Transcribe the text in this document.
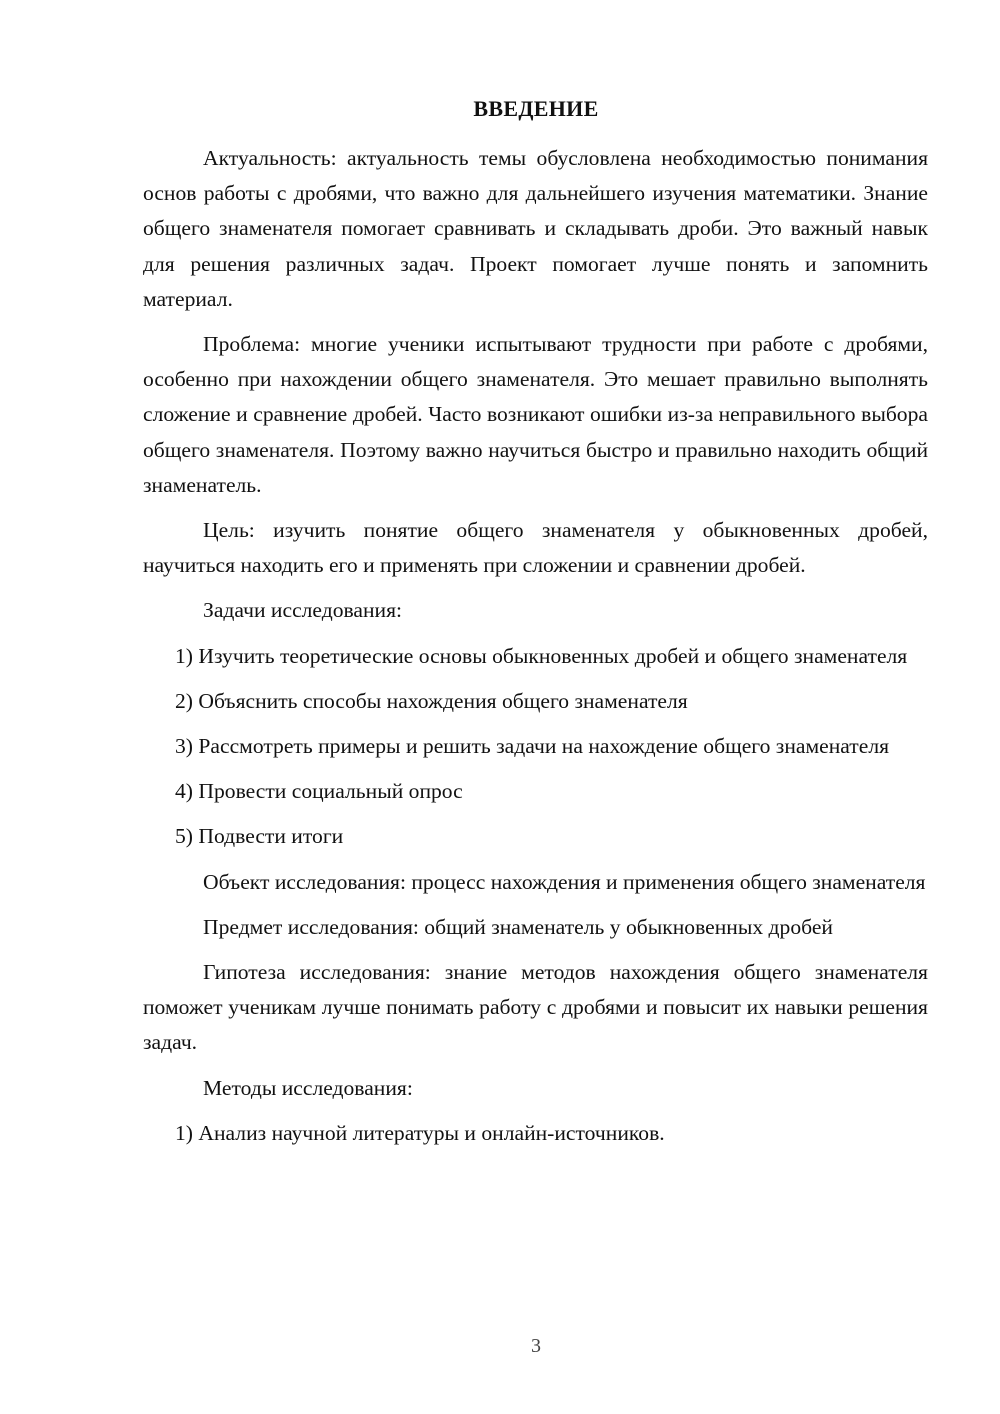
ВВЕДЕНИЕ

Актуальность: актуальность темы обусловлена необходимостью понимания основ работы с дробями, что важно для дальнейшего изучения математики. Знание общего знаменателя помогает сравнивать и складывать дроби. Это важный навык для решения различных задач. Проект помогает лучше понять и запомнить материал.

Проблема: многие ученики испытывают трудности при работе с дробями, особенно при нахождении общего знаменателя. Это мешает правильно выполнять сложение и сравнение дробей. Часто возникают ошибки из-за неправильного выбора общего знаменателя. Поэтому важно научиться быстро и правильно находить общий знаменатель.

Цель: изучить понятие общего знаменателя у обыкновенных дробей, научиться находить его и применять при сложении и сравнении дробей.

Задачи исследования:

1) Изучить теоретические основы обыкновенных дробей и общего знаменателя

2) Объяснить способы нахождения общего знаменателя

3) Рассмотреть примеры и решить задачи на нахождение общего знаменателя

4) Провести социальный опрос

5) Подвести итоги

Объект исследования: процесс нахождения и применения общего знаменателя

Предмет исследования: общий знаменатель у обыкновенных дробей

Гипотеза исследования: знание методов нахождения общего знаменателя поможет ученикам лучше понимать работу с дробями и повысит их навыки решения задач.

Методы исследования:

1) Анализ научной литературы и онлайн-источников.

3
